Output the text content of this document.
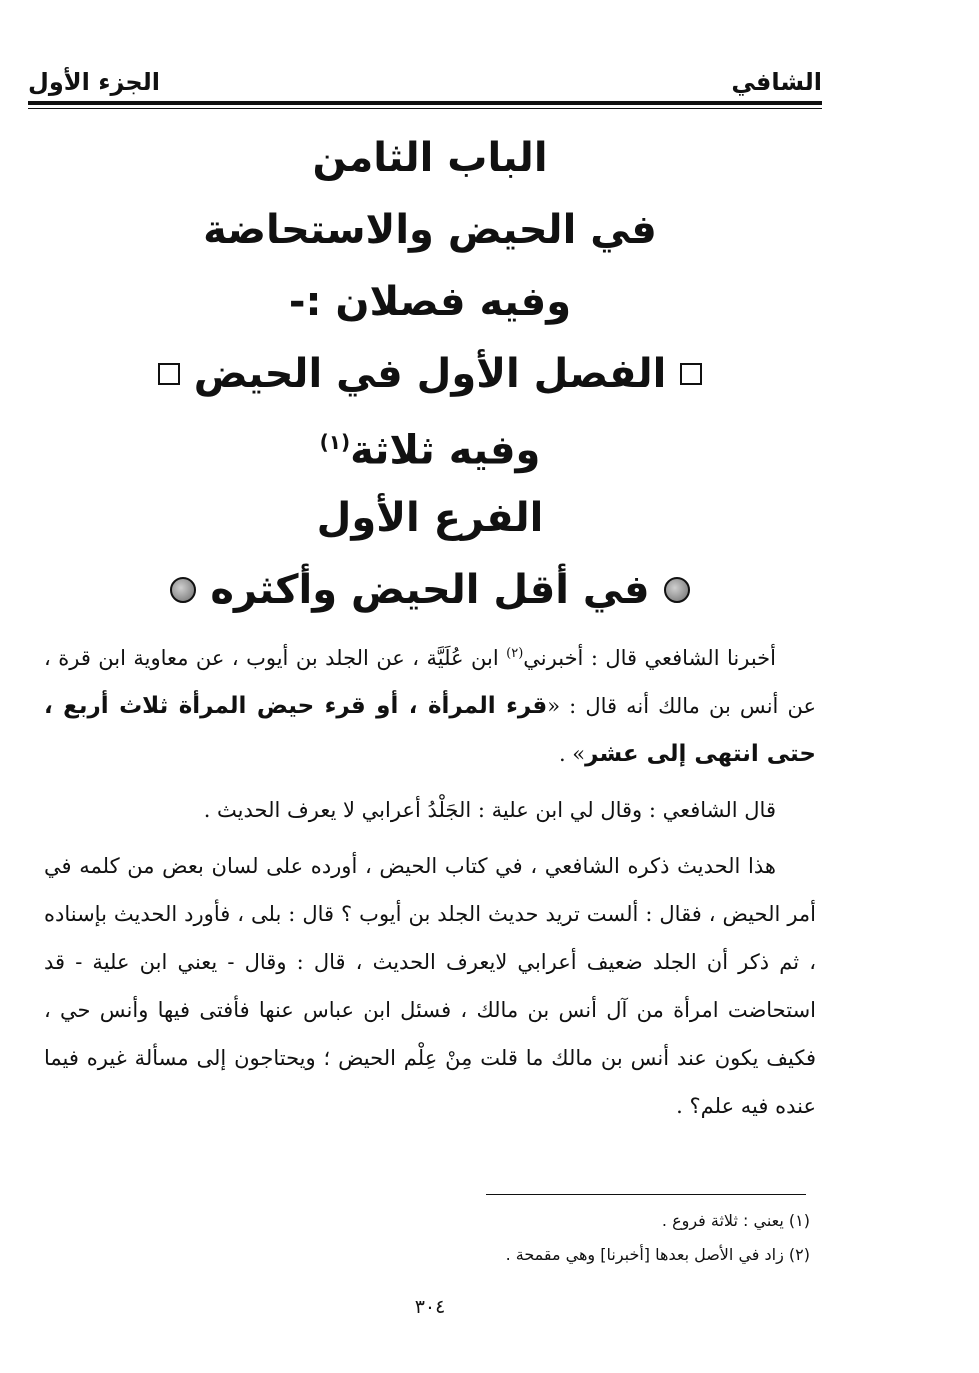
الشافي
الجزء الأول
الباب الثامن
في الحيض والاستحاضة
وفيه فصلان :-
الفصل الأول في الحيض
وفيه ثلاثة$^{(١)}$
الفرع الأول
في أقل الحيض وأكثره

أخبرنا الشافعي قال : أخبرني$^{(٢)}$ ابن عُلَيَّة ، عن الجلد بن أيوب ، عن معاوية ابن قرة ، عن أنس بن مالك أنه قال : «قرء المرأة ، أو قرء حيض المرأة ثلاث أربع ، حتى انتهى إلى عشر» .

قال الشافعي : وقال لي ابن علية : الجَلْدُ أعرابي لا يعرف الحديث .

هذا الحديث ذكره الشافعي ، في كتاب الحيض ، أورده على لسان بعض من كلمه في أمر الحيض ، فقال : ألست تريد حديث الجلد بن أيوب ؟ قال : بلى ، فأورد الحديث بإسناده ، ثم ذكر أن الجلد ضعيف أعرابي لايعرف الحديث ، قال : وقال - يعني ابن علية - قد استحاضت امرأة من آل أنس بن مالك ، فسئل ابن عباس عنها فأفتى فيها وأنس حي ، فكيف يكون عند أنس بن مالك ما قلت مِنْ عِلْم الحيض ؛ ويحتاجون إلى مسألة غيره فيما عنده فيه علم؟ .

(١) يعني : ثلاثة فروع .
(٢) زاد في الأصل بعدها [أخبرنا] وهي مقمحة .
٣٠٤
